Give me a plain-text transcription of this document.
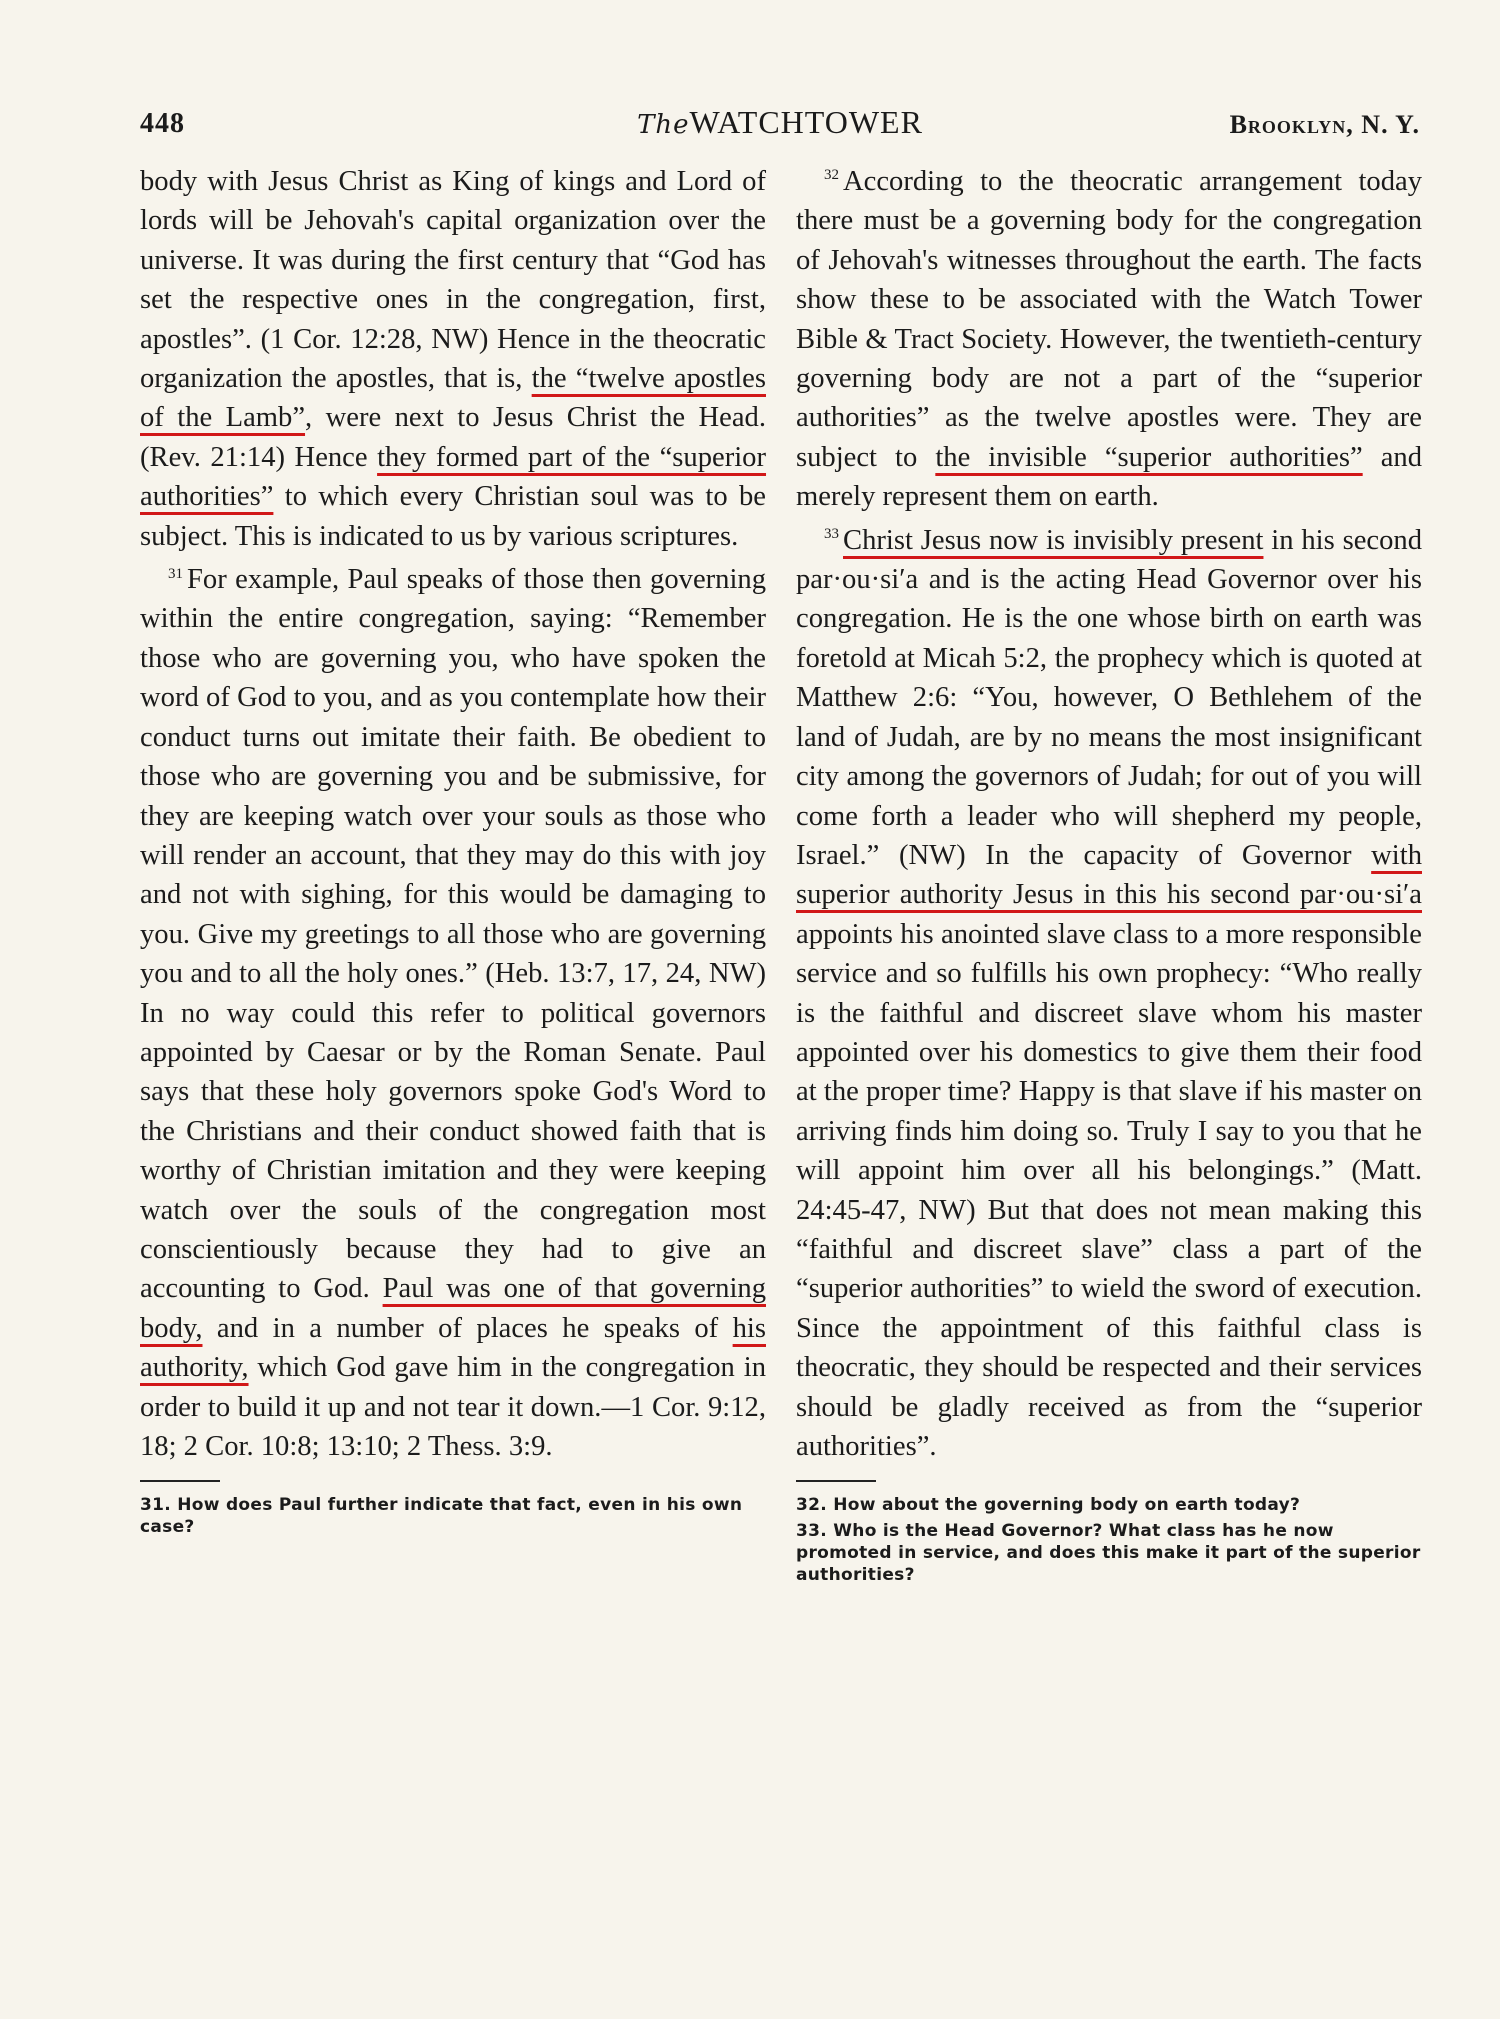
448	TheWATCHTOWER	Brooklyn, N. Y.

body with Jesus Christ as King of kings and Lord of lords will be Jehovah's capital organization over the universe. It was during the first century that “God has set the respective ones in the congregation, first, apostles”. (1 Cor. 12:28, NW) Hence in the theocratic organization the apostles, that is, the “twelve apostles of the Lamb”, were next to Jesus Christ the Head. (Rev. 21:14) Hence they formed part of the “superior authorities” to which every Christian soul was to be subject. This is indicated to us by various scriptures.

$^{31}$ For example, Paul speaks of those then governing within the entire congregation, saying: “Remember those who are governing you, who have spoken the word of God to you, and as you contemplate how their conduct turns out imitate their faith. Be obedient to those who are governing you and be submissive, for they are keeping watch over your souls as those who will render an account, that they may do this with joy and not with sighing, for this would be damaging to you. Give my greetings to all those who are governing you and to all the holy ones.” (Heb. 13:7, 17, 24, NW) In no way could this refer to political governors appointed by Caesar or by the Roman Senate. Paul says that these holy governors spoke God's Word to the Christians and their conduct showed faith that is worthy of Christian imitation and they were keeping watch over the souls of the congregation most conscientiously because they had to give an accounting to God. Paul was one of that governing body, and in a number of places he speaks of his authority, which God gave him in the congregation in order to build it up and not tear it down.—1 Cor. 9:12, 18; 2 Cor. 10:8; 13:10; 2 Thess. 3:9.

31. How does Paul further indicate that fact, even in his own case?

$^{32}$ According to the theocratic arrangement today there must be a governing body for the congregation of Jehovah's witnesses throughout the earth. The facts show these to be associated with the Watch Tower Bible & Tract Society. However, the twentieth-century governing body are not a part of the “superior authorities” as the twelve apostles were. They are subject to the invisible “superior authorities” and merely represent them on earth.

$^{33}$ Christ Jesus now is invisibly present in his second par·ou·si′a and is the acting Head Governor over his congregation. He is the one whose birth on earth was foretold at Micah 5:2, the prophecy which is quoted at Matthew 2:6: “You, however, O Bethlehem of the land of Judah, are by no means the most insignificant city among the governors of Judah; for out of you will come forth a leader who will shepherd my people, Israel.” (NW) In the capacity of Governor with superior authority Jesus in this his second par·ou·si′a appoints his anointed slave class to a more responsible service and so fulfills his own prophecy: “Who really is the faithful and discreet slave whom his master appointed over his domestics to give them their food at the proper time? Happy is that slave if his master on arriving finds him doing so. Truly I say to you that he will appoint him over all his belongings.” (Matt. 24:45-47, NW) But that does not mean making this “faithful and discreet slave” class a part of the “superior authorities” to wield the sword of execution. Since the appointment of this faithful class is theocratic, they should be respected and their services should be gladly received as from the “superior authorities”.

32. How about the governing body on earth today?

33. Who is the Head Governor? What class has he now promoted in service, and does this make it part of the superior authorities?
